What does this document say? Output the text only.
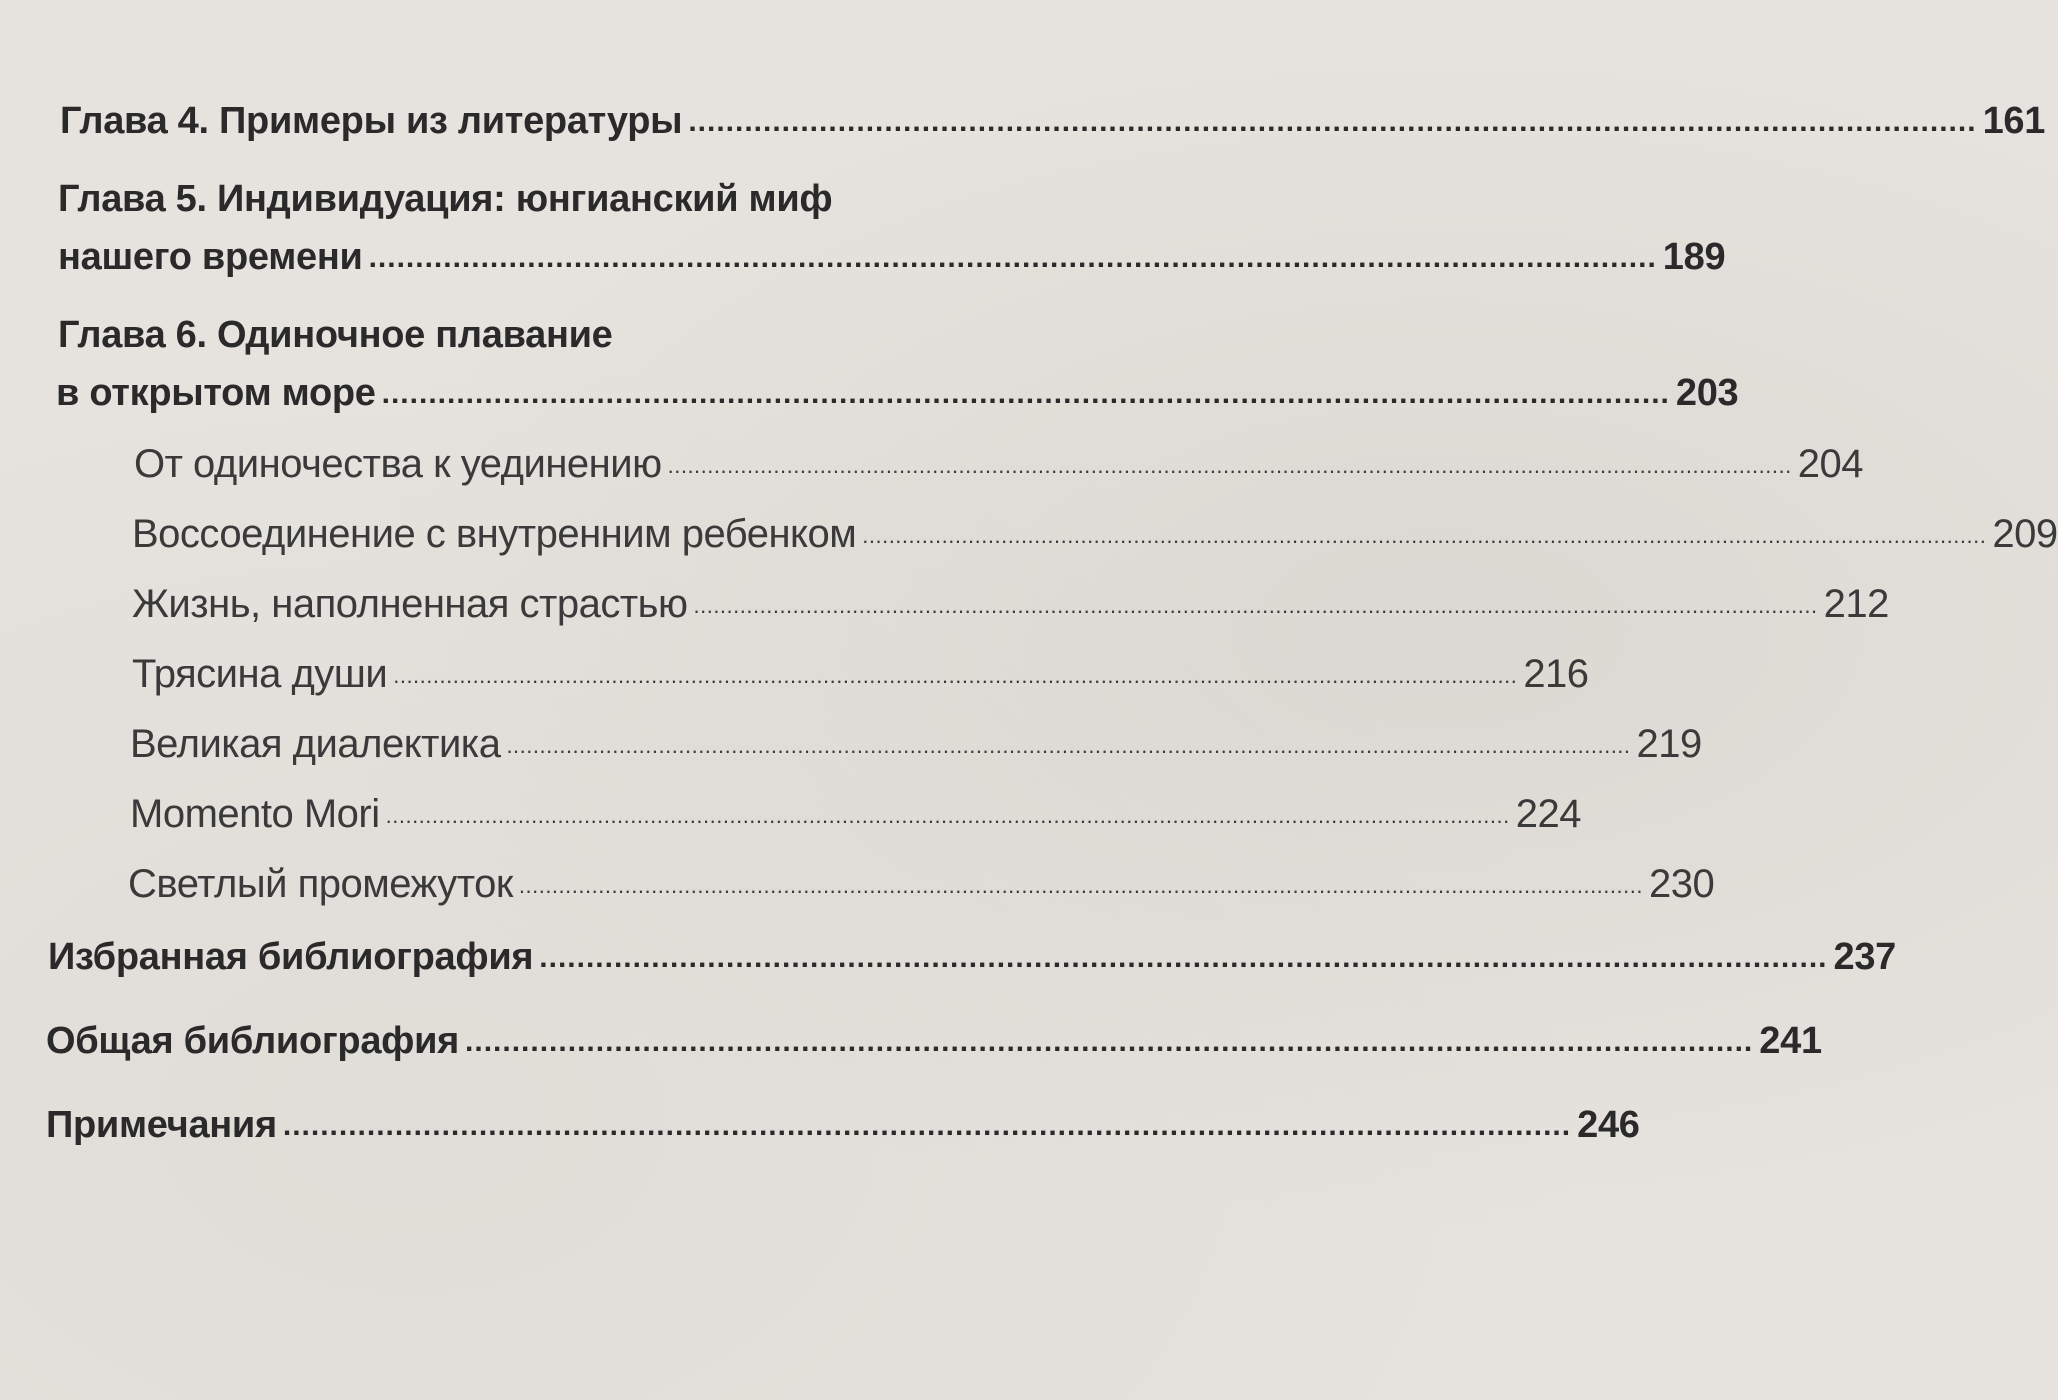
Глава 4. Примеры из литературы .......................................................................................................................................... 161
Глава 5. Индивидуация: юнгианский миф
нашего времени .......................................................................................................................................... 189
Глава 6. Одиночное плавание
в открытом море .......................................................................................................................................... 203
От одиночества к уединению .......................................................................................................................................................................... 204
Воссоединение с внутренним ребенком .......................................................................................................................................................................... 209
Жизнь, наполненная страстью .......................................................................................................................................................................... 212
Трясина души .......................................................................................................................................................................... 216
Великая диалектика .......................................................................................................................................................................... 219
Momento Mori .......................................................................................................................................................................... 224
Светлый промежуток .......................................................................................................................................................................... 230
Избранная библиография .......................................................................................................................................... 237
Общая библиография .......................................................................................................................................... 241
Примечания .......................................................................................................................................... 246
